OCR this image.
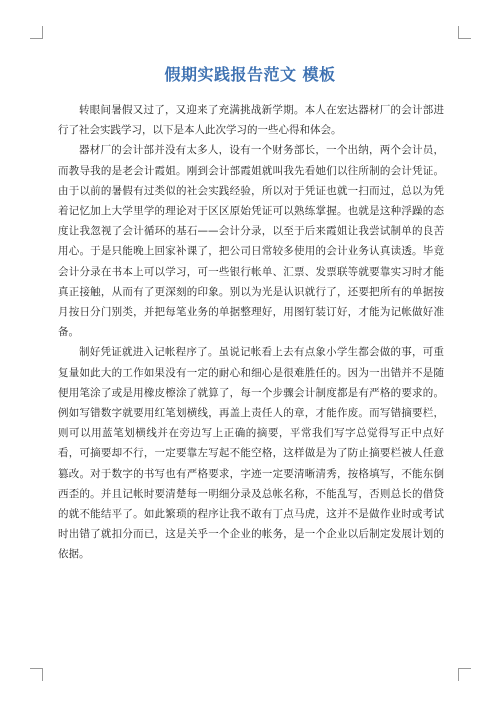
假期实践报告范文 模板

转眼间暑假又过了，又迎来了充满挑战新学期。本人在宏达器材厂的会计部进行了社会实践学习，以下是本人此次学习的一些心得和体会。

器材厂的会计部并没有太多人，设有一个财务部长，一个出纳，两个会计员，而教导我的是老会计霞姐。刚到会计部霞姐就叫我先看她们以往所制的会计凭证。由于以前的暑假有过类似的社会实践经验，所以对于凭证也就一扫而过，总以为凭着记忆加上大学里学的理论对于区区原始凭证可以熟练掌握。也就是这种浮躁的态度让我忽视了会计循环的基石——会计分录，以至于后来霞姐让我尝试制单的良苦用心。于是只能晚上回家补课了，把公司日常较多使用的会计业务认真读透。毕竟会计分录在书本上可以学习，可一些银行帐单、汇票、发票联等就要靠实习时才能真正接触，从而有了更深刻的印象。别以为光是认识就行了，还要把所有的单据按月按日分门别类，并把每笔业务的单据整理好，用图钉装订好，才能为记帐做好准备。

制好凭证就进入记帐程序了。虽说记帐看上去有点象小学生都会做的事，可重复量如此大的工作如果没有一定的耐心和细心是很难胜任的。因为一出错并不是随便用笔涂了或是用橡皮檫涂了就算了，每一个步骤会计制度都是有严格的要求的。例如写错数字就要用红笔划横线，再盖上责任人的章，才能作废。而写错摘要栏，则可以用蓝笔划横线并在旁边写上正确的摘要，平常我们写字总觉得写正中点好看，可摘要却不行，一定要靠左写起不能空格，这样做是为了防止摘要栏被人任意篡改。对于数字的书写也有严格要求，字迹一定要清晰清秀，按格填写，不能东倒西歪的。并且记帐时要清楚每一明细分录及总帐名称，不能乱写，否则总长的借贷的就不能结平了。如此繁琐的程序让我不敢有丁点马虎，这并不是做作业时或考试时出错了就扣分而已，这是关乎一个企业的帐务，是一个企业以后制定发展计划的依据。
